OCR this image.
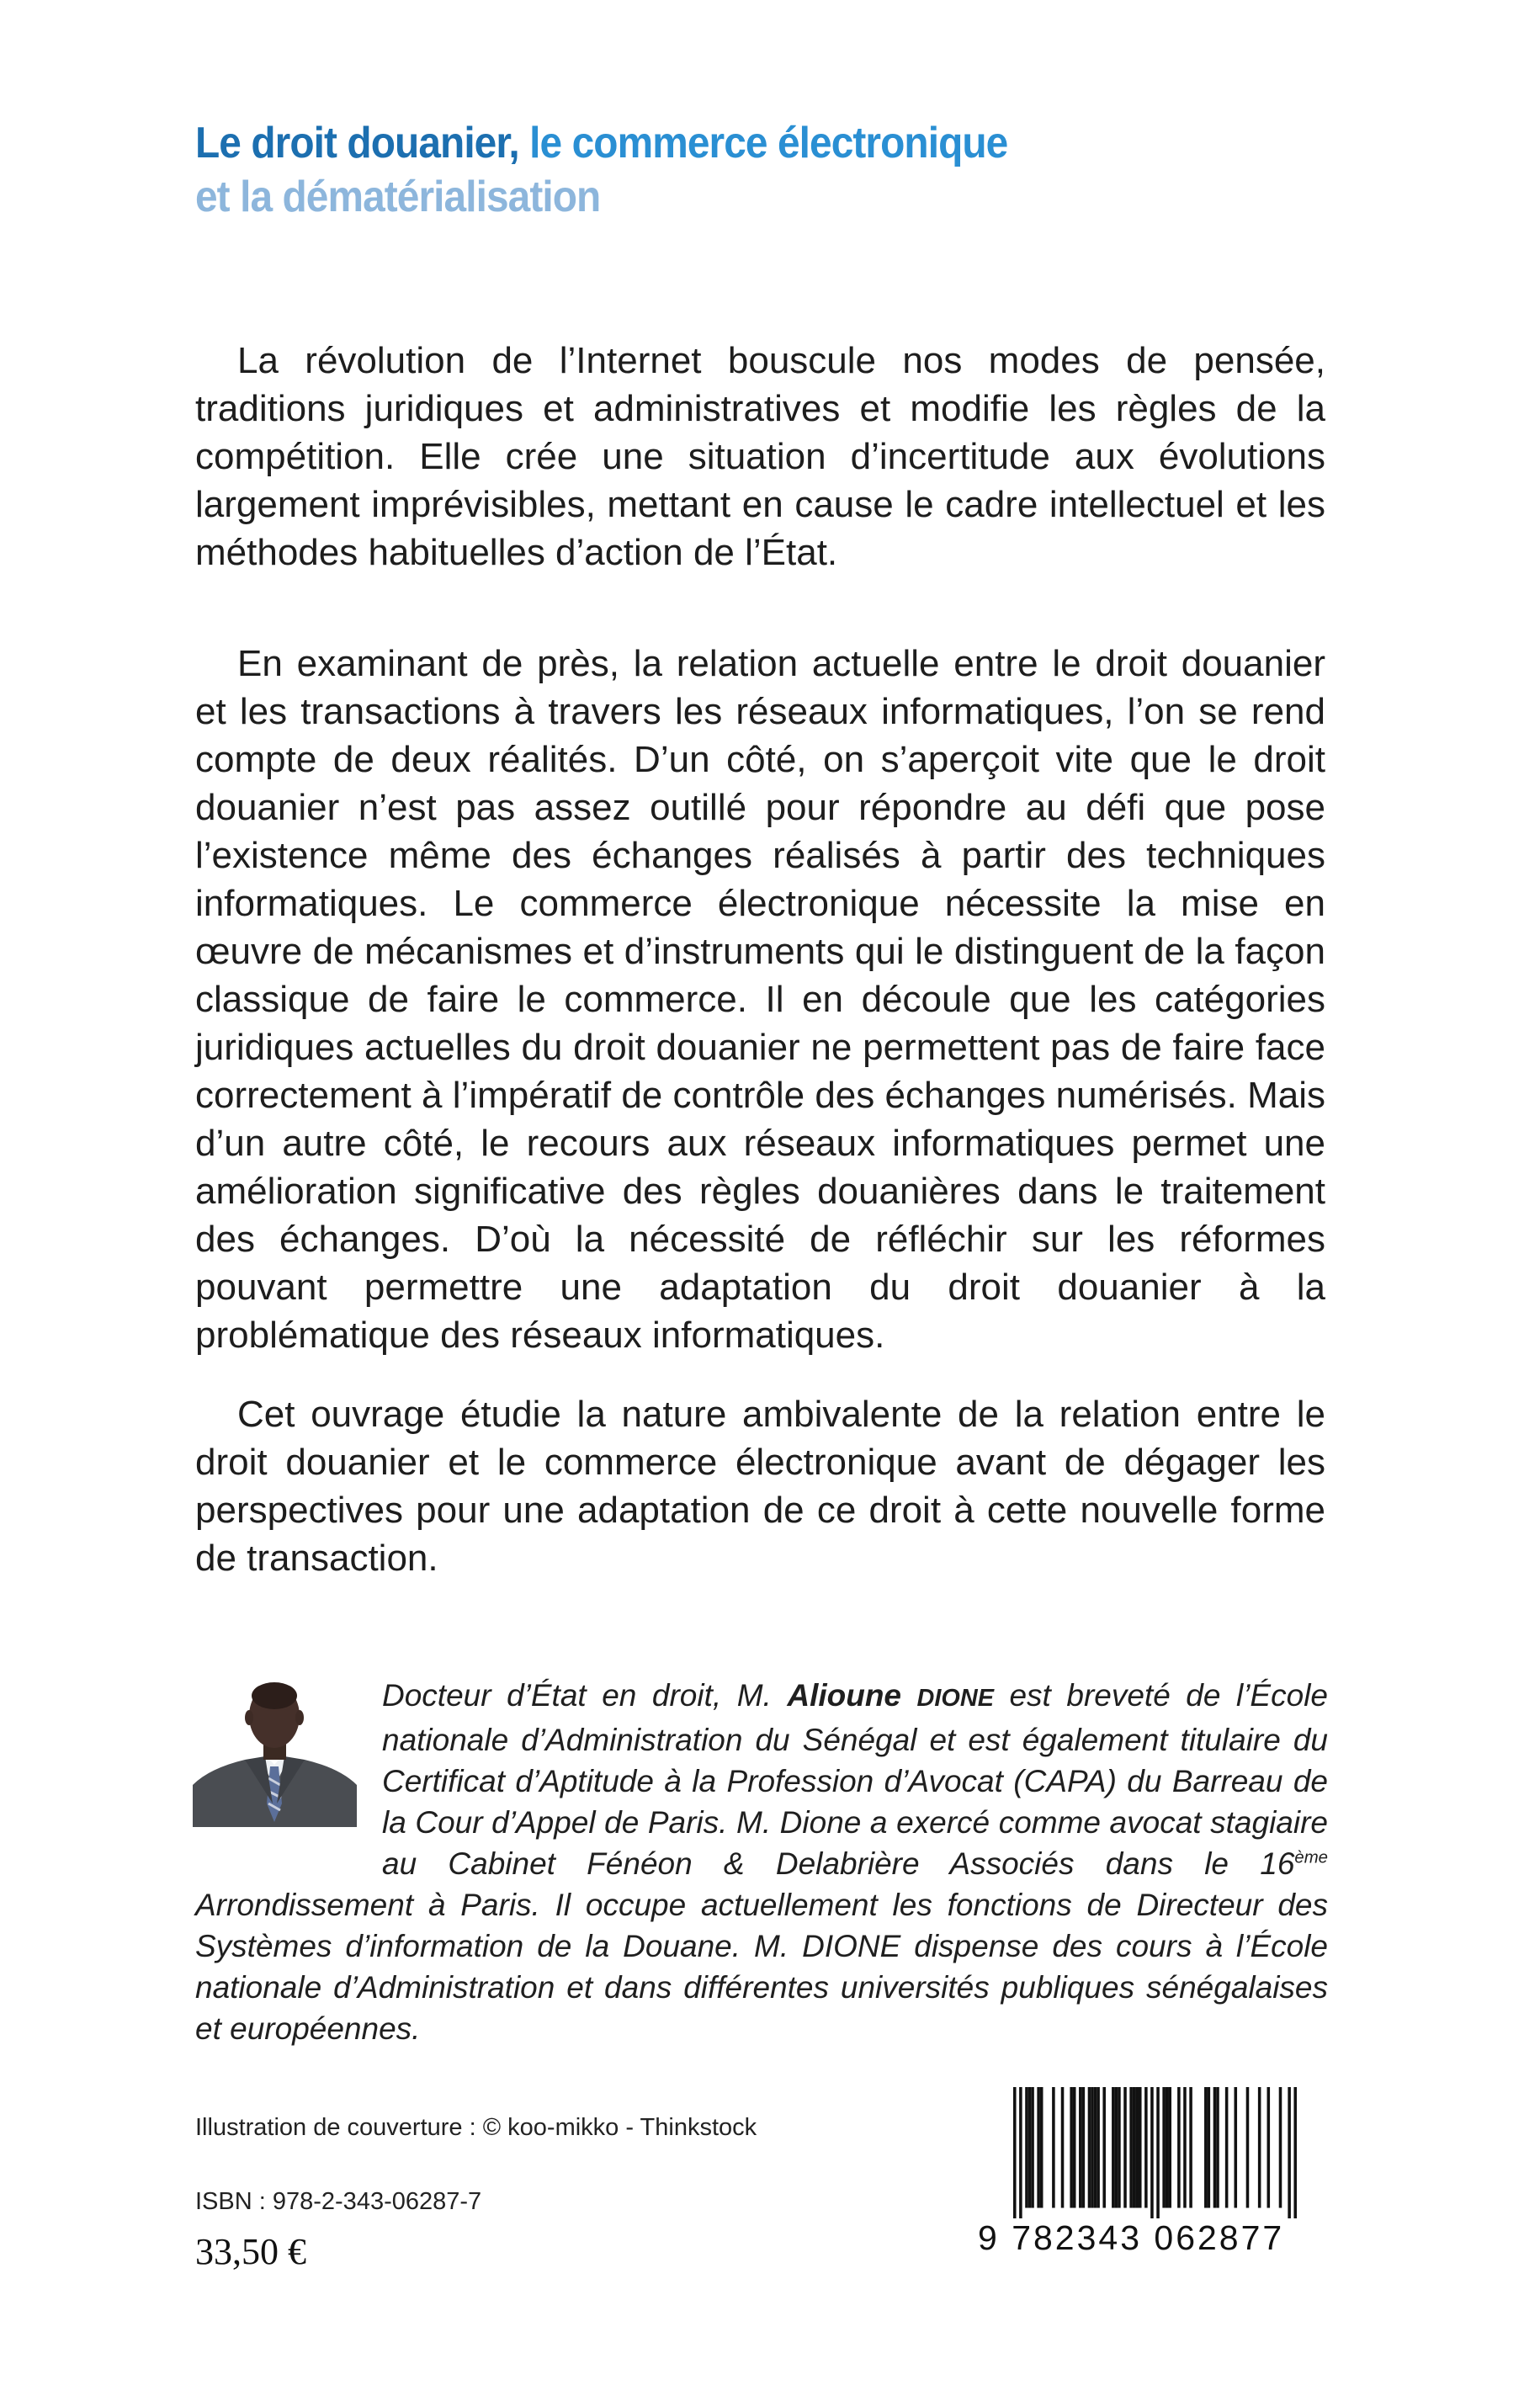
Le droit douanier, le commerce électronique
et la dématérialisation

La révolution de l’Internet bouscule nos modes de pensée, traditions juridiques et administratives et modifie les règles de la compétition. Elle crée une situation d’incertitude aux évolutions largement imprévisibles, mettant en cause le cadre intellectuel et les méthodes habituelles d’action de l’État.

En examinant de près, la relation actuelle entre le droit douanier et les transactions à travers les réseaux informatiques, l’on se rend compte de deux réalités. D’un côté, on s’aperçoit vite que le droit douanier n’est pas assez outillé pour répondre au défi que pose l’existence même des échanges réalisés à partir des techniques informatiques. Le commerce électronique nécessite la mise en œuvre de mécanismes et d’instruments qui le distinguent de la façon classique de faire le commerce. Il en découle que les catégories juridiques actuelles du droit douanier ne permettent pas de faire face correctement à l’impératif de contrôle des échanges numérisés. Mais d’un autre côté, le recours aux réseaux informatiques permet une amélioration significative des règles douanières dans le traitement des échanges. D’où la nécessité de réfléchir sur les réformes pouvant permettre une adaptation du droit douanier à la problématique des réseaux informatiques.

Cet ouvrage étudie la nature ambivalente de la relation entre le droit douanier et le commerce électronique avant de dégager les perspectives pour une adaptation de ce droit à cette nouvelle forme de transaction.

Docteur d’État en droit, M. Alioune DIONE est breveté de l’École nationale d’Administration du Sénégal et est également titulaire du Certificat d’Aptitude à la Profession d’Avocat (CAPA) du Barreau de la Cour d’Appel de Paris. M. Dione a exercé comme avocat stagiaire au Cabinet Fénéon & Delabrière Associés dans le 16ème Arrondissement à Paris. Il occupe actuellement les fonctions de Directeur des Systèmes d’information de la Douane. M. DIONE dispense des cours à l’École nationale d’Administration et dans différentes universités publiques sénégalaises et européennes.

Illustration de couverture : © koo-mikko - Thinkstock

ISBN : 978-2-343-06287-7

33,50 €	9 782343 062877
